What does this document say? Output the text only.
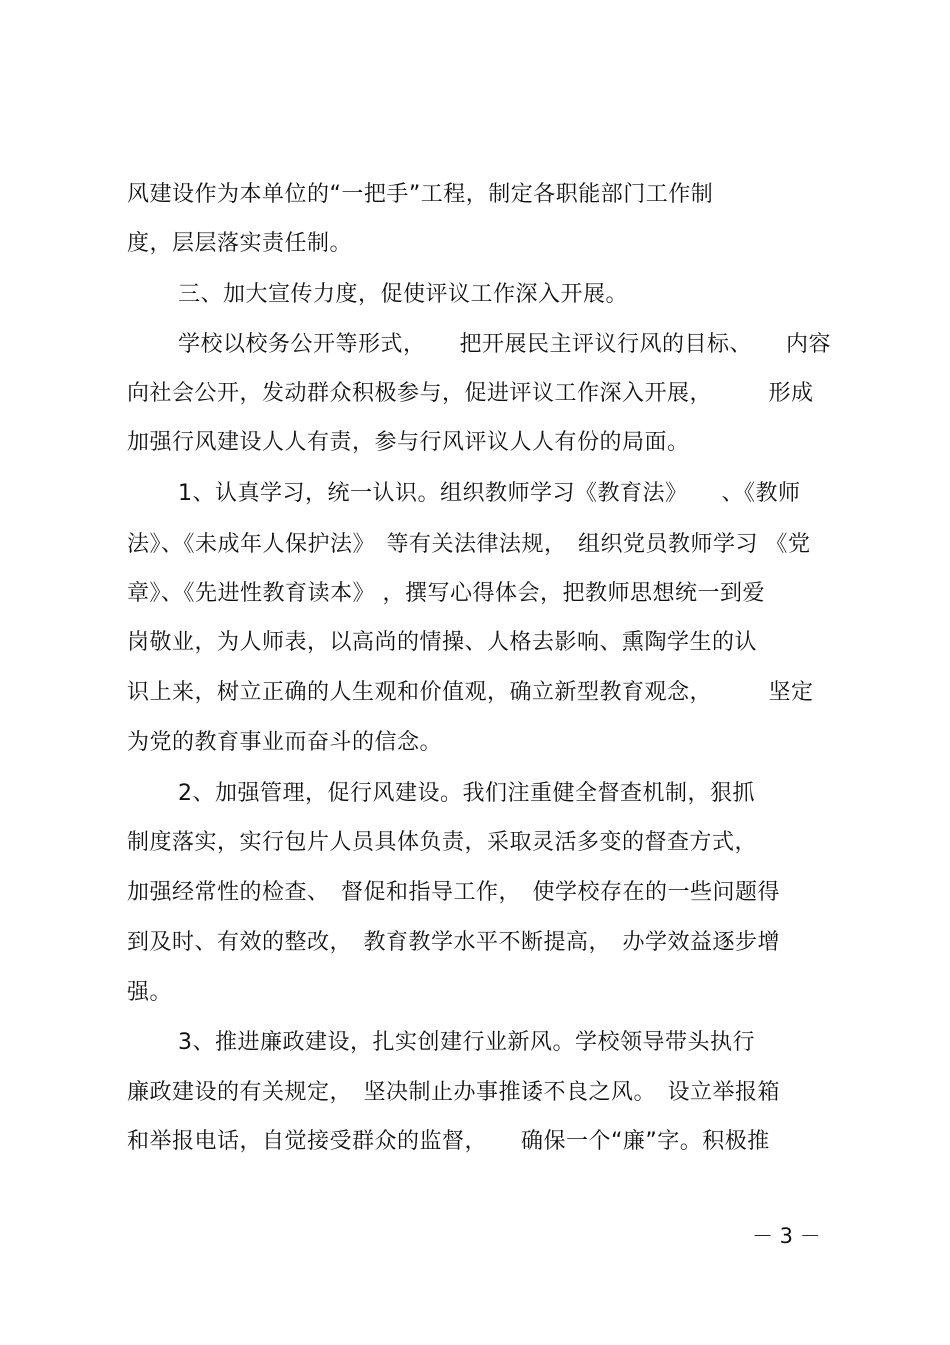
风建设作为本单位的“一把手”工程，制定各职能部门工作制
度，层层落实责任制。
三、加大宣传力度，促使评议工作深入开展。
学校以校务公开等形式，　　把开展民主评议行风的目标、　　内容
向社会公开，发动群众积极参与，促进评议工作深入开展，　　　形成
加强行风建设人人有责，参与行风评议人人有份的局面。
1、认真学习，统一认识。组织教师学习《教育法》　　、《教师
法》、《未成年人保护法》　等有关法律法规，　组织党员教师学习 《党
章》、《先进性教育读本》 ，撰写心得体会，把教师思想统一到爱
岗敬业，为人师表，以高尚的情操、人格去影响、熏陶学生的认
识上来，树立正确的人生观和价值观，确立新型教育观念，　　　坚定
为党的教育事业而奋斗的信念。
2、加强管理，促行风建设。我们注重健全督查机制，狠抓
制度落实，实行包片人员具体负责，采取灵活多变的督查方式，
加强经常性的检查、　督促和指导工作，　使学校存在的一些问题得
到及时、有效的整改，　教育教学水平不断提高，　办学效益逐步增
强。
3、推进廉政建设，扎实创建行业新风。学校领导带头执行
廉政建设的有关规定，　坚决制止办事推诿不良之风。　设立举报箱
和举报电话，自觉接受群众的监督，　　确保一个“廉”字。积极推
－ 3 －
